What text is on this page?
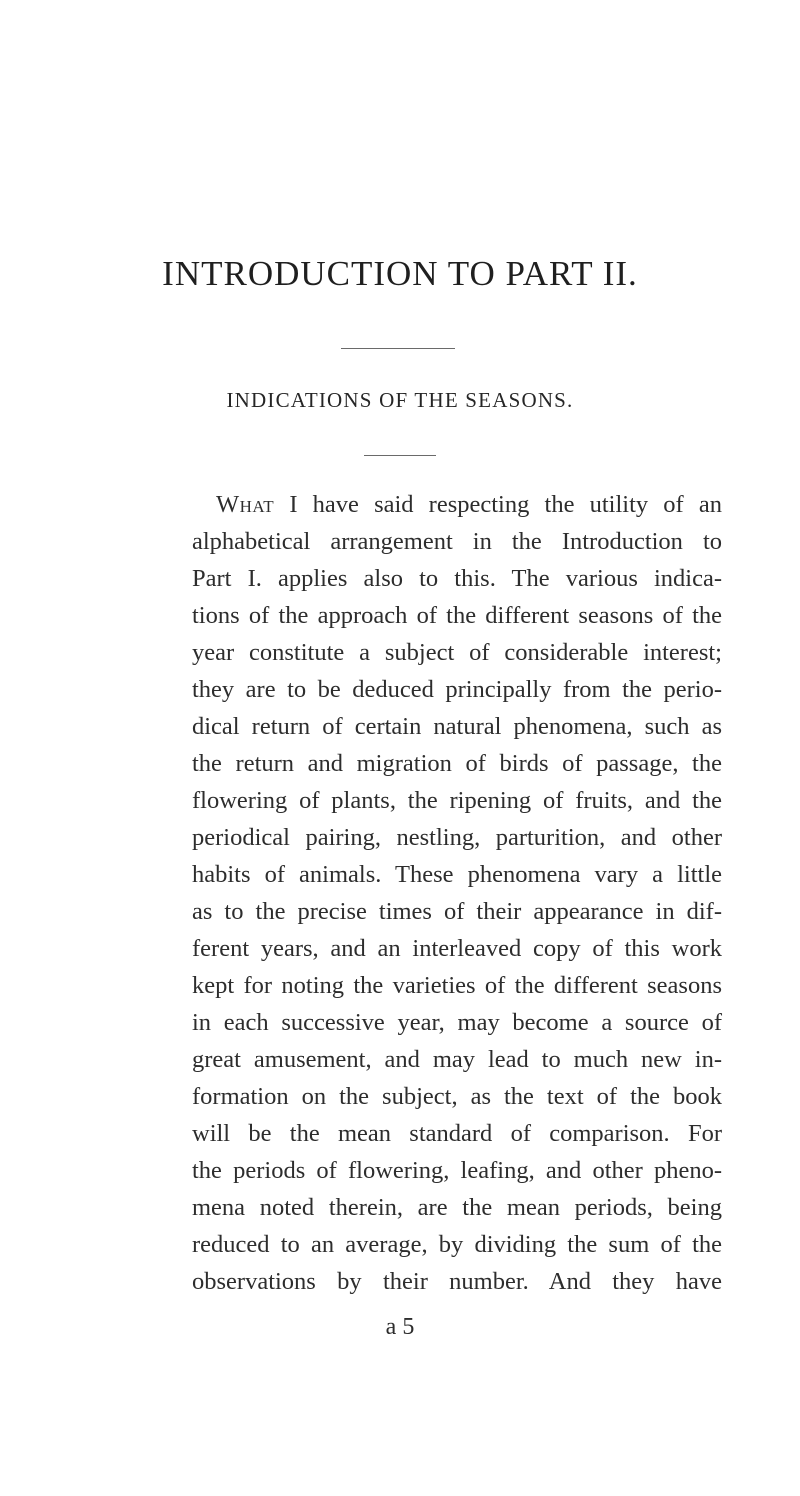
INTRODUCTION TO PART II.
INDICATIONS OF THE SEASONS.
What I have said respecting the utility of an
alphabetical arrangement in the Introduction to
Part I. applies also to this. The various indica-
tions of the approach of the different seasons of the
year constitute a subject of considerable interest;
they are to be deduced principally from the perio-
dical return of certain natural phenomena, such as
the return and migration of birds of passage, the
flowering of plants, the ripening of fruits, and the
periodical pairing, nestling, parturition, and other
habits of animals. These phenomena vary a little
as to the precise times of their appearance in dif-
ferent years, and an interleaved copy of this work
kept for noting the varieties of the different seasons
in each successive year, may become a source of
great amusement, and may lead to much new in-
formation on the subject, as the text of the book
will be the mean standard of comparison. For
the periods of flowering, leafing, and other pheno-
mena noted therein, are the mean periods, being
reduced to an average, by dividing the sum of the
observations by their number. And they have
a 5
